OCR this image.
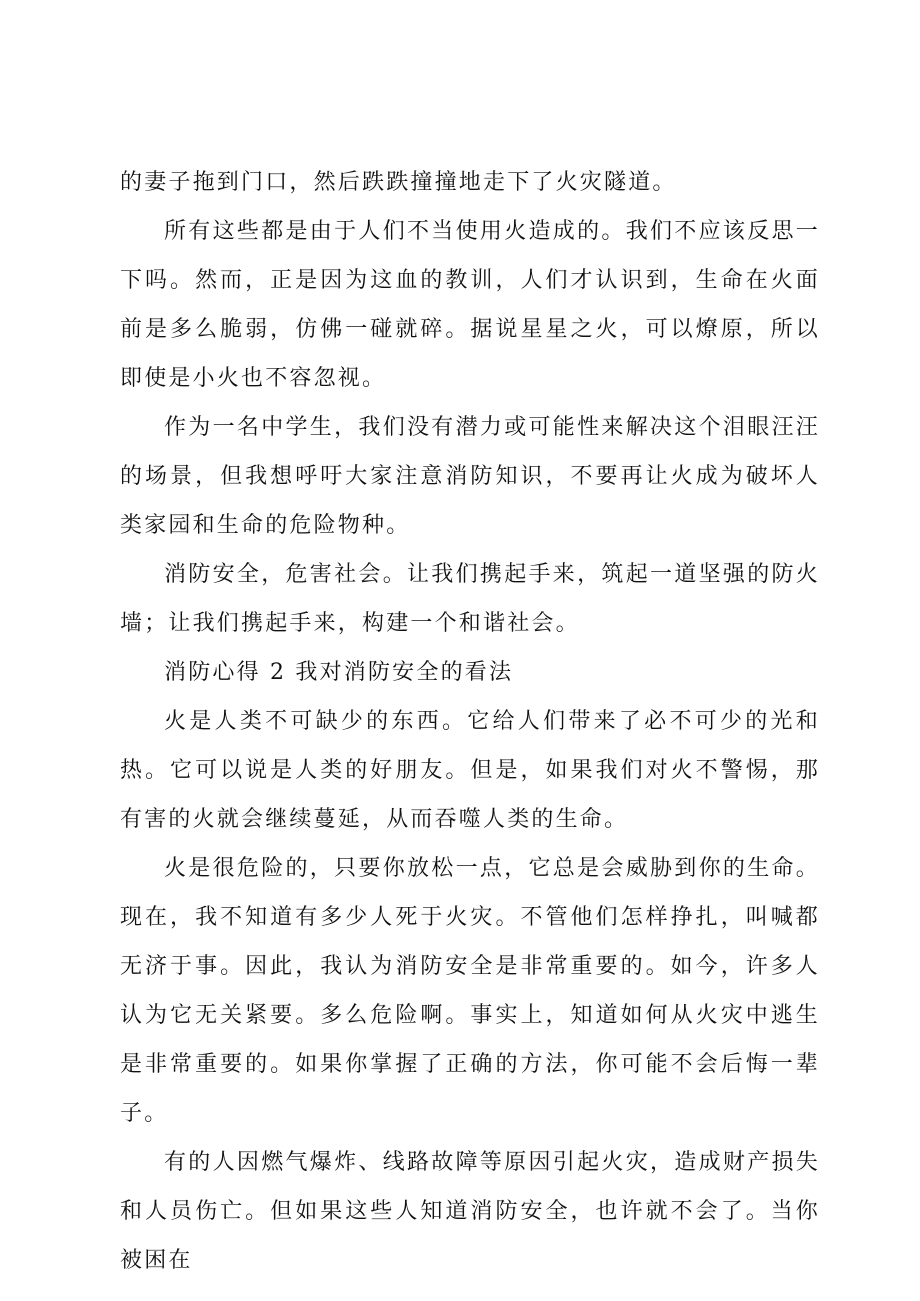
的妻子拖到门口，然后跌跌撞撞地走下了火灾隧道。

所有这些都是由于人们不当使用火造成的。我们不应该反思一下吗。然而，正是因为这血的教训，人们才认识到，生命在火面前是多么脆弱，仿佛一碰就碎。据说星星之火，可以燎原，所以即使是小火也不容忽视。

作为一名中学生，我们没有潜力或可能性来解决这个泪眼汪汪的场景，但我想呼吁大家注意消防知识，不要再让火成为破坏人类家园和生命的危险物种。

消防安全，危害社会。让我们携起手来，筑起一道坚强的防火墙；让我们携起手来，构建一个和谐社会。

消防心得 2 我对消防安全的看法

火是人类不可缺少的东西。它给人们带来了必不可少的光和热。它可以说是人类的好朋友。但是，如果我们对火不警惕，那有害的火就会继续蔓延，从而吞噬人类的生命。

火是很危险的，只要你放松一点，它总是会威胁到你的生命。现在，我不知道有多少人死于火灾。不管他们怎样挣扎，叫喊都无济于事。因此，我认为消防安全是非常重要的。如今，许多人认为它无关紧要。多么危险啊。事实上，知道如何从火灾中逃生是非常重要的。如果你掌握了正确的方法，你可能不会后悔一辈子。

有的人因燃气爆炸、线路故障等原因引起火灾，造成财产损失和人员伤亡。但如果这些人知道消防安全，也许就不会了。当你被困在
